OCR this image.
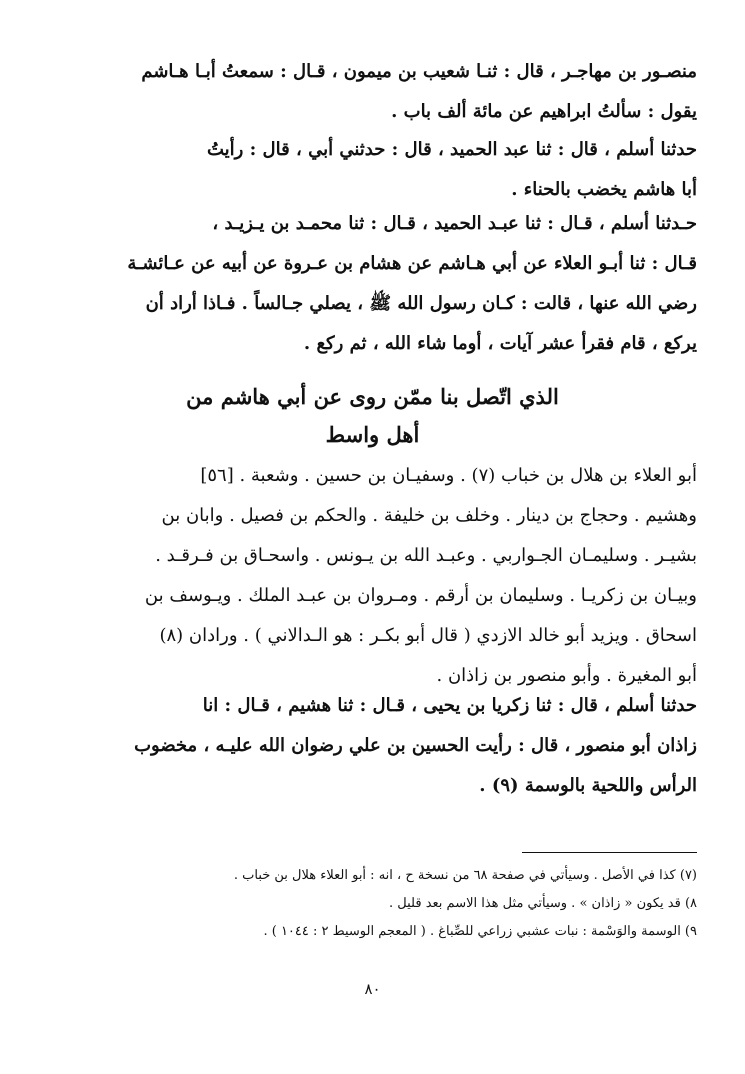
منصـور بن مهاجـر ، قال : ثنـا شعيب بن ميمون ، قـال : سمعتُ أبـا هـاشم
يقول : سألتُ ابراهيم عن مائة ألف باب .
حدثنا أسلم ، قال : ثنا عبد الحميد ، قال : حدثني أبي ، قال : رأيتُ
أبا هاشم يخضب بالحناء .
حـدثنا أسلم ، قـال : ثنا عبـد الحميد ، قـال : ثنا محمـد بن يـزيـد ،
قـال : ثنا أبـو العلاء عن أبي هـاشم عن هشام بن عـروة عن أبيه عن عـائشـة
رضي الله عنها ، قالت : كـان رسول الله ﷺ ، يصلي جـالساً . فـاذا أراد أن
يركع ، قام فقرأ عشر آيات ، أوما شاء الله ، ثم ركع .
الذي اتّصل بنا ممّن روى عن أبي هاشم من
أهل واسط
أبو العلاء بن هلال بن خباب (٧) . وسفيـان بن حسين . وشعبة . [٥٦]
وهشيم . وحجاج بن دينار . وخلف بن خليفة . والحكم بن فصيل . وابان بن
بشيـر . وسليمـان الجـواربي . وعبـد الله بن يـونس . واسحـاق بن فـرقـد .
وبيـان بن زكريـا . وسليمان بن أرقم . ومـروان بن عبـد الملك . ويـوسف بن
اسحاق . ويزيد أبو خالد الازدي ( قال أبو بكـر : هو الـدالاني ) . ورادان (٨)
أبو المغيرة . وأبو منصور بن زاذان .
حدثنا أسلم ، قال : ثنا زكريا بن يحيى ، قـال : ثنا هشيم ، قـال : انا
زاذان أبو منصور ، قال : رأيت الحسين بن علي رضوان الله عليـه ، مخضوب
الرأس واللحية بالوسمة (٩) .
(٧) كذا في الأصل . وسيأتي في صفحة ٦٨ من نسخة ح ، انه : أبو العلاء هلال بن خباب .
٨) قد يكون « زاذان » . وسيأتي مثل هذا الاسم بعد قليل .
٩) الوسمة والوَسْمة : نبات عشبي زراعي للصِّباغ . ( المعجم الوسيط ٢ : ١٠٤٤ ) .
٨٠
